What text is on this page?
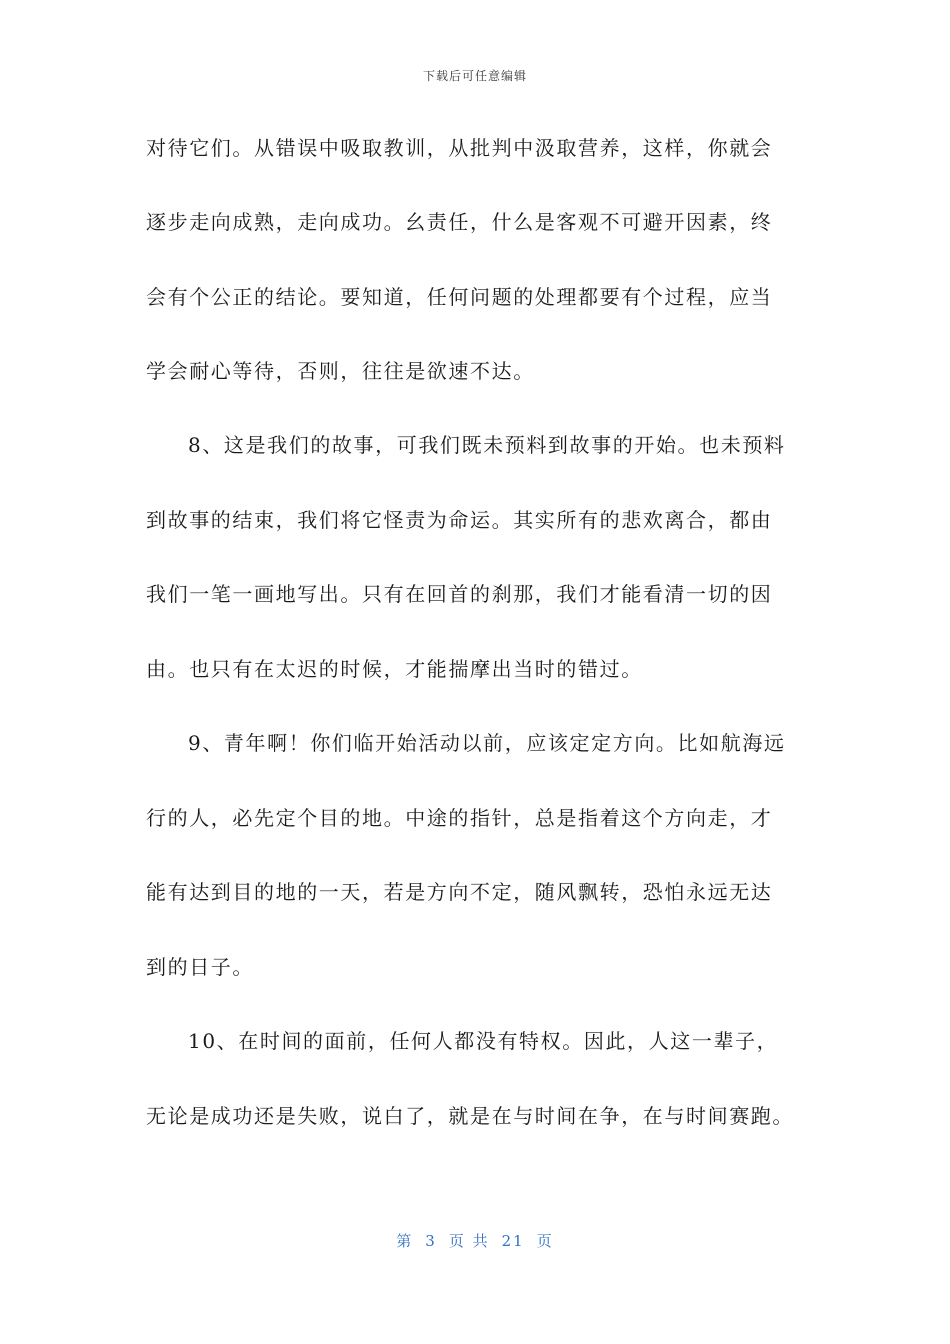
下载后可任意编辑
对待它们。从错误中吸取教训，从批判中汲取营养，这样，你就会
逐步走向成熟，走向成功。幺责任，什么是客观不可避开因素，终
会有个公正的结论。要知道，任何问题的处理都要有个过程，应当
学会耐心等待，否则，往往是欲速不达。
8、这是我们的故事，可我们既未预料到故事的开始。也未预料
到故事的结束，我们将它怪责为命运。其实所有的悲欢离合，都由
我们一笔一画地写出。只有在回首的刹那，我们才能看清一切的因
由。也只有在太迟的时候，才能揣摩出当时的错过。
9、青年啊！你们临开始活动以前，应该定定方向。比如航海远
行的人，必先定个目的地。中途的指针，总是指着这个方向走，才
能有达到目的地的一天，若是方向不定，随风飘转，恐怕永远无达
到的日子。
10、在时间的面前，任何人都没有特权。因此，人这一辈子，
无论是成功还是失败，说白了，就是在与时间在争，在与时间赛跑。
第 3 页 共 21 页
